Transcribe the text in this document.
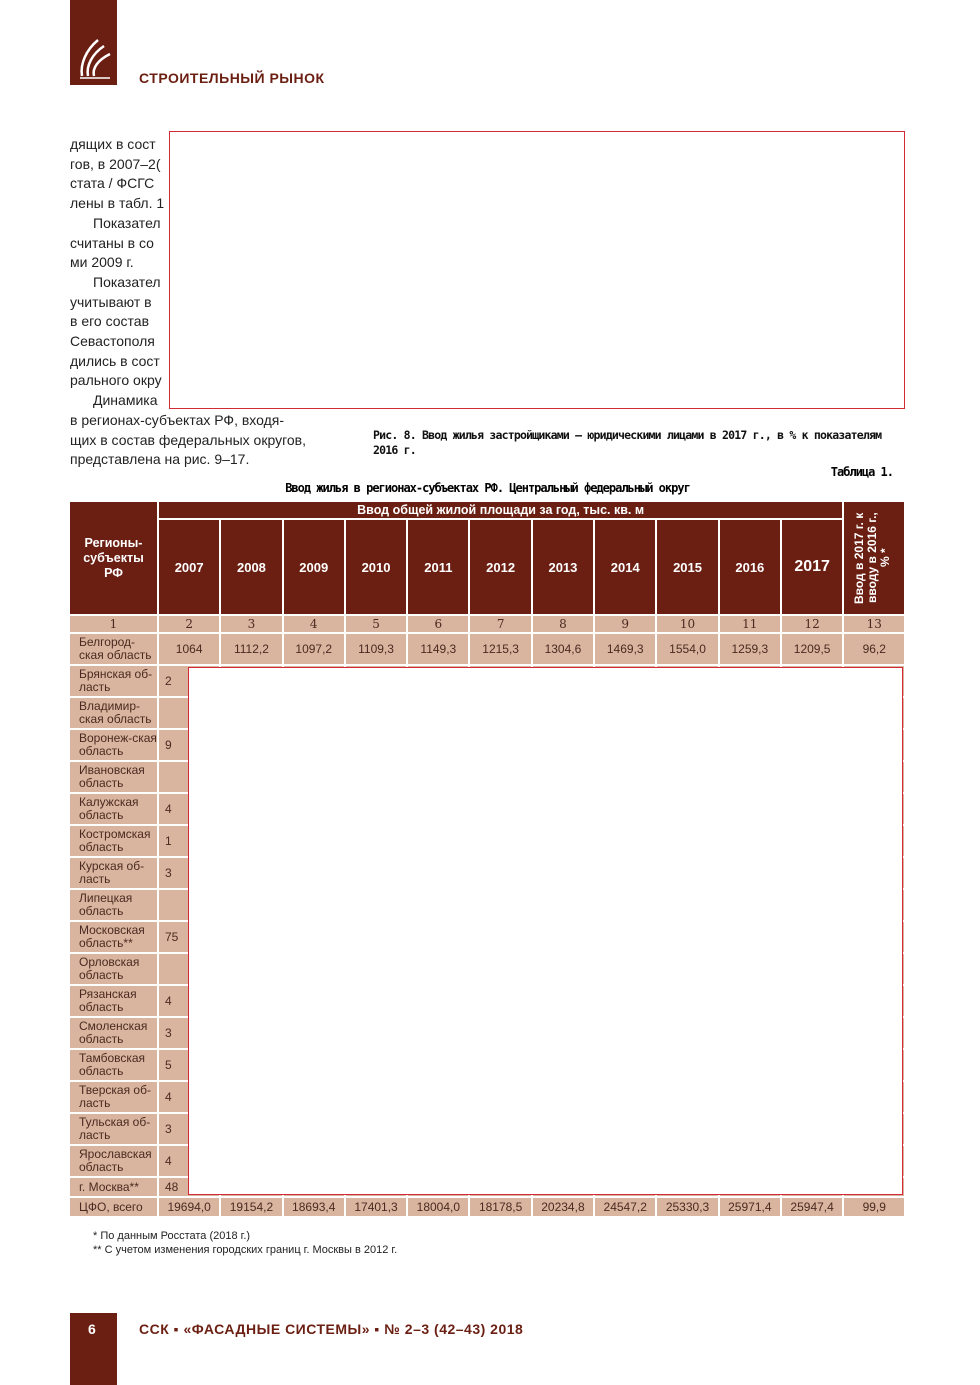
СТРОИТЕЛЬНЫЙ РЫНОК
дящих в сост
гов, в 2007–2(
стата / ФСГС
лены в табл. 1
Показател
считаны в со
ми 2009 г.
Показател
учитывают в
в его состав
Севастополя
дились в сост
рального окру
Динамика
в регионах-субъектах РФ, входя-
щих в состав федеральных округов,
представлена на рис. 9–17.
Рис. 8. Ввод жилья застройщиками – юридическими лицами в 2017 г., в % к показателям 2016 г.
Таблица 1.
Ввод жилья в регионах-субъектах РФ. Центральный федеральный округ
Регионы-субъекты РФ	Ввод общей жилой площади за год, тыс. кв. м											Ввод в 2017 г. к вводу в 2016 г., % *

	2007	2008	2009	2010	2011	2012	2013	2014	2015	2016	2017	
1	2	3	4	5	6	7	8	9	10	11	12	13
Белгород-ская область	1064	1112,2	1097,2	1109,3	1149,3	1215,3	1304,6	1469,3	1554,0	1259,3	1209,5	96,2
Брянская об-ласть	2											
Владимир-ская область												
Воронеж-ская область	9											
Ивановская область												
Калужская область	4											
Костромская область	1											
Курская об-ласть	3											
Липецкая область												
Московская область**	75											
Орловская область												
Рязанская область	4											
Смоленская область	3											
Тамбовская область	5											
Тверская об-ласть	4											
Тульская об-ласть	3											
Ярославская область	4											
г. Москва**	48											
ЦФО, всего	19694,0	19154,2	18693,4	17401,3	18004,0	18178,5	20234,8	24547,2	25330,3	25971,4	25947,4	99,9
* По данным Росстата (2018 г.)
** С учетом изменения городских границ г. Москвы в 2012 г.
6	ССК ▪ «ФАСАДНЫЕ СИСТЕМЫ» ▪ № 2–3 (42–43) 2018
